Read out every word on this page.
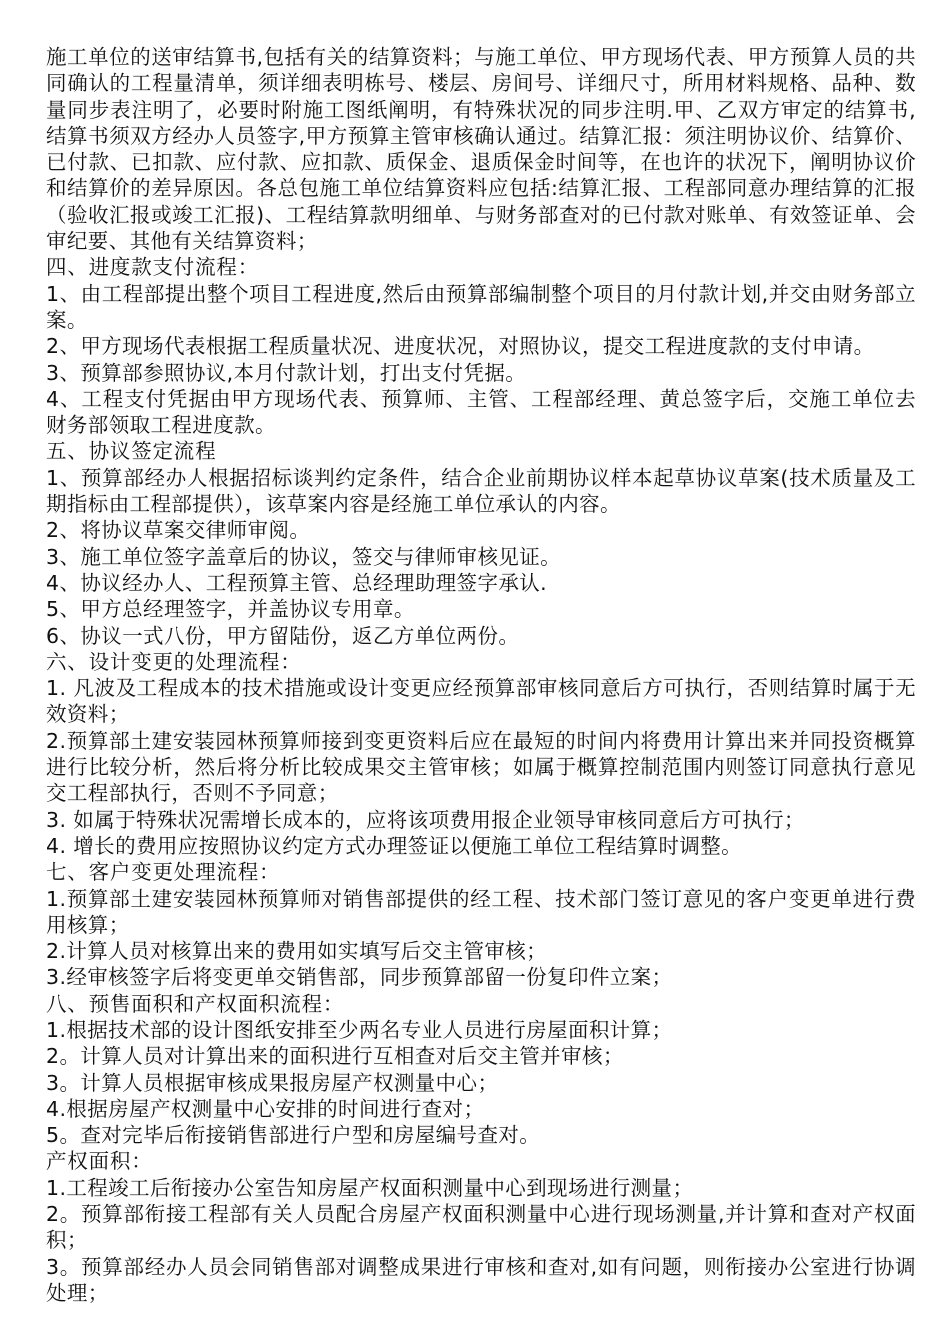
施工单位的送审结算书,包括有关的结算资料；与施工单位、甲方现场代表、甲方预算人员的共同确认的工程量清单，须详细表明栋号、楼层、房间号、详细尺寸，所用材料规格、品种、数量同步表注明了，必要时附施工图纸阐明，有特殊状况的同步注明.甲、乙双方审定的结算书,结算书须双方经办人员签字,甲方预算主管审核确认通过。结算汇报：须注明协议价、结算价、已付款、已扣款、应付款、应扣款、质保金、退质保金时间等，在也许的状况下，阐明协议价和结算价的差异原因。各总包施工单位结算资料应包括:结算汇报、工程部同意办理结算的汇报（验收汇报或竣工汇报)、工程结算款明细单、与财务部查对的已付款对账单、有效签证单、会审纪要、其他有关结算资料；

四、进度款支付流程：

1、由工程部提出整个项目工程进度,然后由预算部编制整个项目的月付款计划,并交由财务部立案。

2、甲方现场代表根据工程质量状况、进度状况，对照协议，提交工程进度款的支付申请。

3、预算部参照协议,本月付款计划，打出支付凭据。

4、工程支付凭据由甲方现场代表、预算师、主管、工程部经理、黄总签字后，交施工单位去财务部领取工程进度款。

五、协议签定流程

1、预算部经办人根据招标谈判约定条件，结合企业前期协议样本起草协议草案(技术质量及工期指标由工程部提供），该草案内容是经施工单位承认的内容。

2、将协议草案交律师审阅。

3、施工单位签字盖章后的协议，签交与律师审核见证。

4、协议经办人、工程预算主管、总经理助理签字承认.

5、甲方总经理签字，并盖协议专用章。

6、协议一式八份，甲方留陆份，返乙方单位两份。

六、设计变更的处理流程：

1. 凡波及工程成本的技术措施或设计变更应经预算部审核同意后方可执行，否则结算时属于无效资料；

2.预算部土建安装园林预算师接到变更资料后应在最短的时间内将费用计算出来并同投资概算进行比较分析，然后将分析比较成果交主管审核；如属于概算控制范围内则签订同意执行意见交工程部执行，否则不予同意；

3. 如属于特殊状况需增长成本的，应将该项费用报企业领导审核同意后方可执行；

4. 增长的费用应按照协议约定方式办理签证以便施工单位工程结算时调整。

七、客户变更处理流程：

1.预算部土建安装园林预算师对销售部提供的经工程、技术部门签订意见的客户变更单进行费用核算；

2.计算人员对核算出来的费用如实填写后交主管审核；

3.经审核签字后将变更单交销售部，同步预算部留一份复印件立案；

八、预售面积和产权面积流程：

1.根据技术部的设计图纸安排至少两名专业人员进行房屋面积计算；

2。计算人员对计算出来的面积进行互相查对后交主管并审核；

3。计算人员根据审核成果报房屋产权测量中心；

4.根据房屋产权测量中心安排的时间进行查对；

5。查对完毕后衔接销售部进行户型和房屋编号查对。

产权面积：

1.工程竣工后衔接办公室告知房屋产权面积测量中心到现场进行测量；

2。预算部衔接工程部有关人员配合房屋产权面积测量中心进行现场测量,并计算和查对产权面积；

3。预算部经办人员会同销售部对调整成果进行审核和查对,如有问题，则衔接办公室进行协调处理；
